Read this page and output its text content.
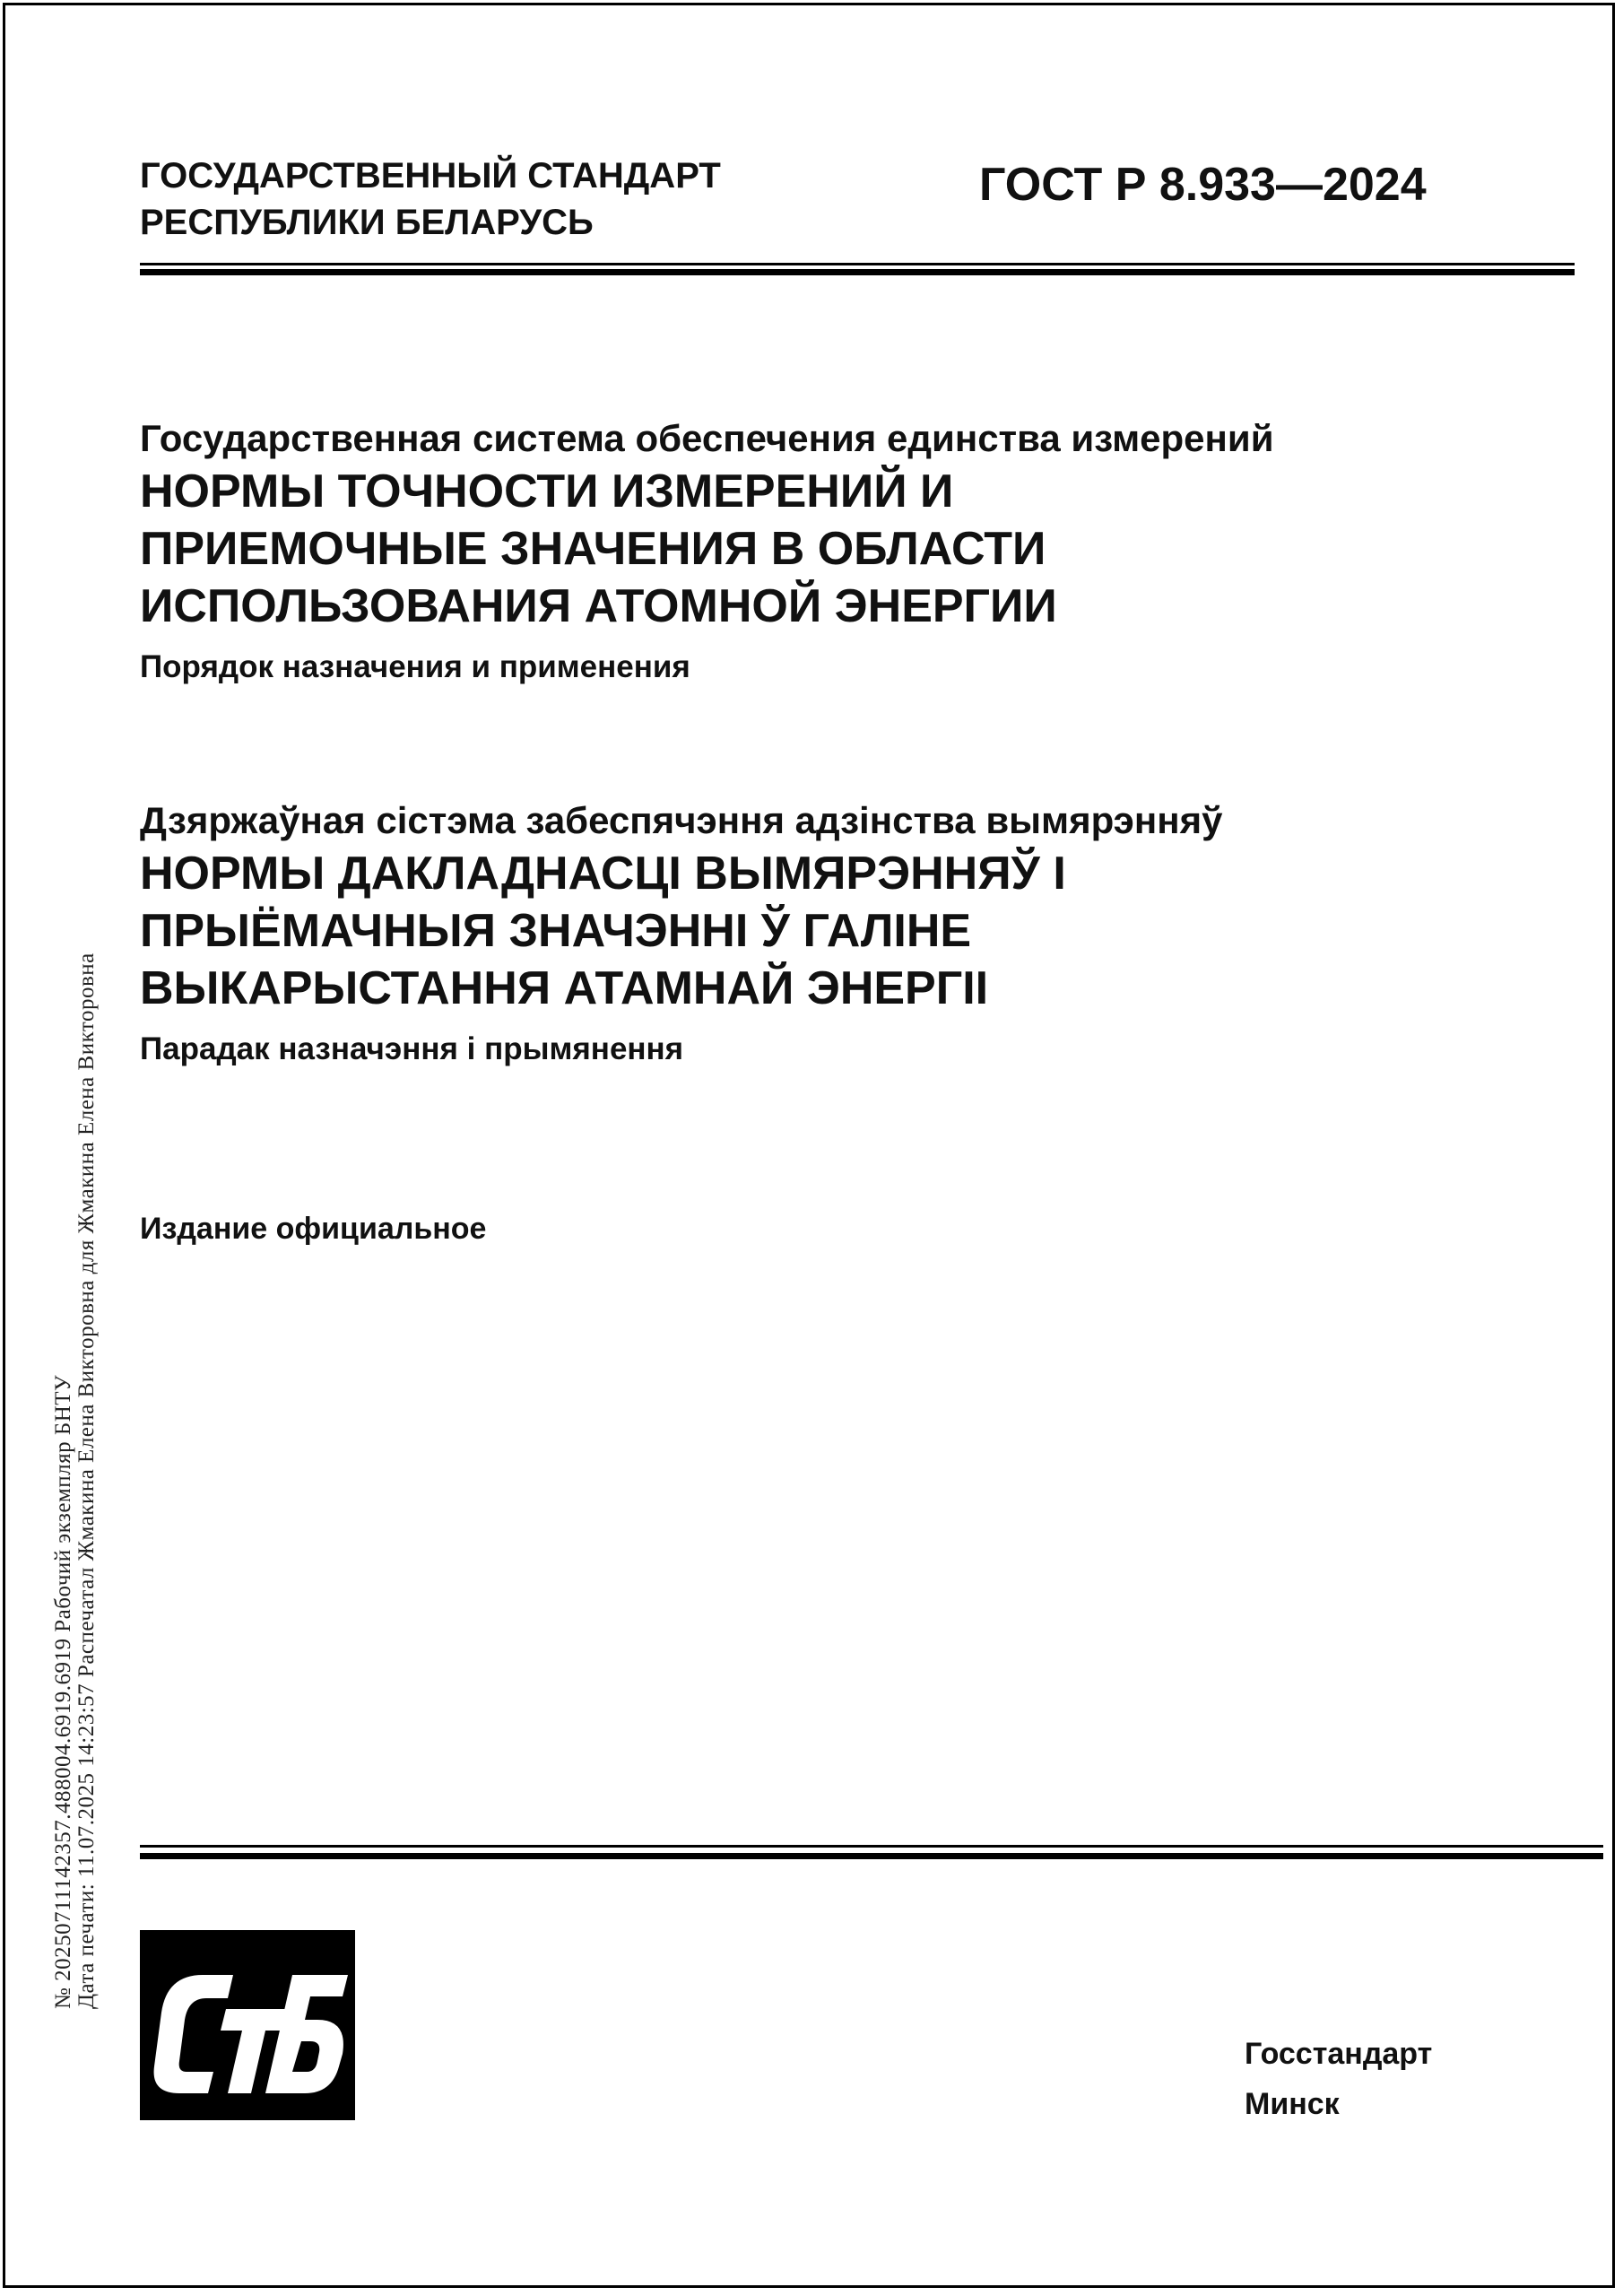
ГОСУДАРСТВЕННЫЙ СТАНДАРТ
РЕСПУБЛИКИ БЕЛАРУСЬ
ГОСТ Р 8.933—2024
Государственная система обеспечения единства измерений
НОРМЫ ТОЧНОСТИ ИЗМЕРЕНИЙ И
ПРИЕМОЧНЫЕ ЗНАЧЕНИЯ В ОБЛАСТИ
ИСПОЛЬЗОВАНИЯ АТОМНОЙ ЭНЕРГИИ
Порядок назначения и применения
Дзяржаўная сістэма забеспячэння адзінства вымярэнняў
НОРМЫ ДАКЛАДНАСЦІ ВЫМЯРЭННЯЎ І
ПРЫЁМАЧНЫЯ ЗНАЧЭННІ Ў ГАЛІНЕ
ВЫКАРЫСТАННЯ АТАМНАЙ ЭНЕРГІІ
Парадак назначэння і прымянення
Издание официальное
№ 20250711142357.488004.6919.6919 Рабочий экземпляр БНТУ Дата печати: 11.07.2025 14:23:57 Распечатал Жмакина Елена Викторовна для Жмакина Елена Викторовна
Госстандарт
Минск
